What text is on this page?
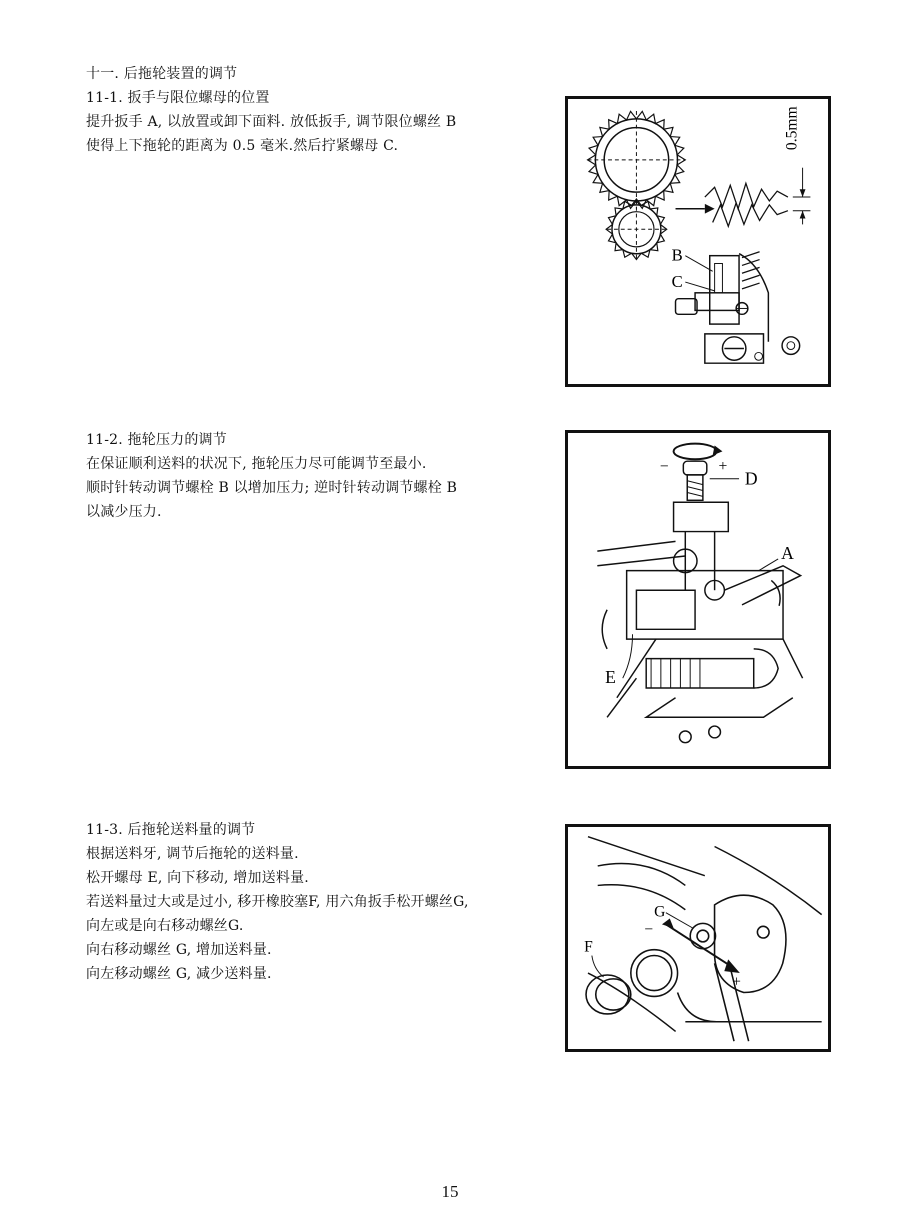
十一. 后拖轮装置的调节
11-1. 扳手与限位螺母的位置
提升扳手 A, 以放置或卸下面料. 放低扳手, 调节限位螺丝 B
使得上下拖轮的距离为 0.5 毫米.然后拧紧螺母 C.	0.5mm
B
C
11-2. 拖轮压力的调节
在保证顺利送料的状况下, 拖轮压力尽可能调节至最小.
顺时针转动调节螺栓 B 以增加压力; 逆时针转动调节螺栓 B
以减少压力.
−	+
D
A
E
11-3. 后拖轮送料量的调节
根据送料牙, 调节后拖轮的送料量.
松开螺母 E, 向下移动, 增加送料量.
若送料量过大或是过小, 移开橡胶塞F, 用六角扳手松开螺丝G,
向左或是向右移动螺丝G.
向右移动螺丝 G, 增加送料量.
向左移动螺丝 G, 减少送料量.
−
+
G
F
15
